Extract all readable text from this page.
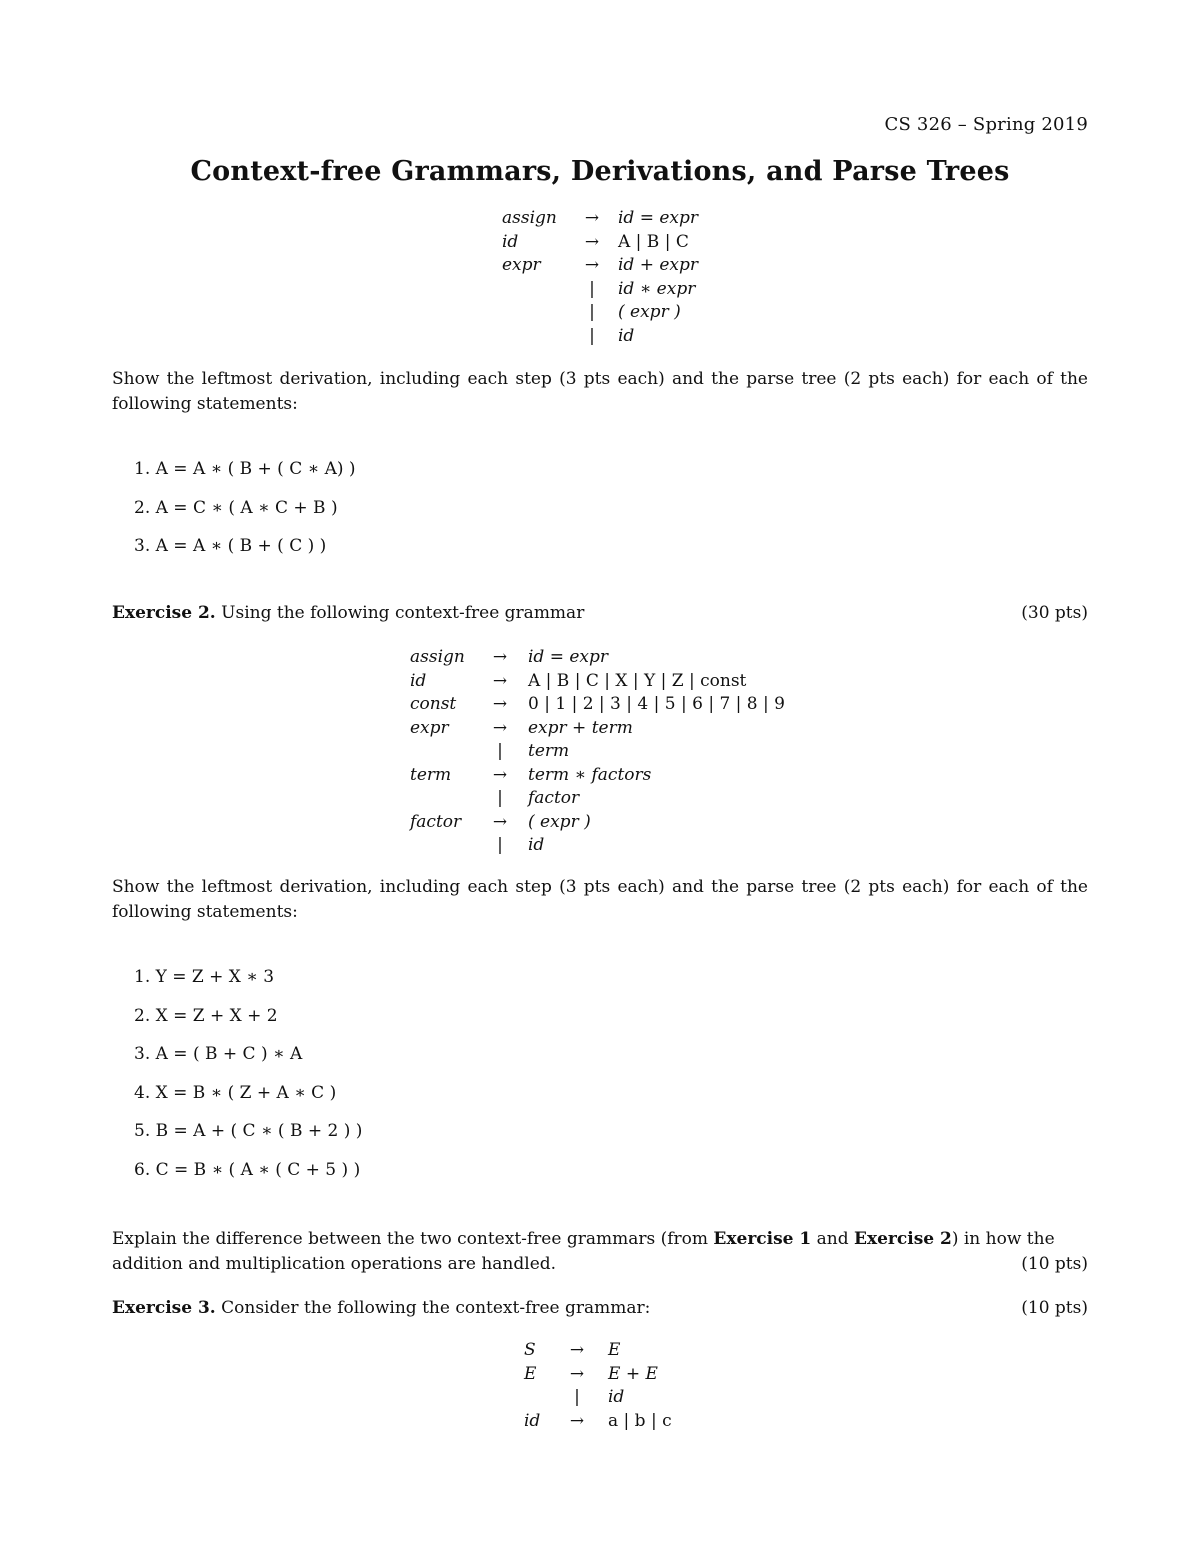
CS 326 – Spring 2019
Context-free Grammars, Derivations, and Parse Trees
assign	→	id = expr
id	→	A | B | C
expr	→	id + expr
|	id ∗ expr
|	( expr )
|	id
Show the leftmost derivation, including each step (3 pts each) and the parse tree (2 pts each) for each of the following statements:
1. A = A ∗ ( B + ( C ∗ A) )
2. A = C ∗ ( A ∗ C + B )
3. A = A ∗ ( B + ( C ) )
Exercise 2. Using the following context-free grammar	(30 pts)
assign	→	id = expr
id	→	A | B | C | X | Y | Z | const
const	→	0 | 1 | 2 | 3 | 4 | 5 | 6 | 7 | 8 | 9
expr	→	expr + term
|	term
term	→	term ∗ factors
|	factor
factor	→	( expr )
|	id
Show the leftmost derivation, including each step (3 pts each) and the parse tree (2 pts each) for each of the following statements:
1. Y = Z + X ∗ 3
2. X = Z + X + 2
3. A = ( B + C ) ∗ A
4. X = B ∗ ( Z + A ∗ C )
5. B = A + ( C ∗ ( B + 2 ) )
6. C = B ∗ ( A ∗ ( C + 5 ) )
Explain the difference between the two context-free grammars (from Exercise 1 and Exercise 2) in how the
addition and multiplication operations are handled.	(10 pts)
Exercise 3. Consider the following the context-free grammar:	(10 pts)
S	→	E
E	→	E + E
|	id
id	→	a | b | c
